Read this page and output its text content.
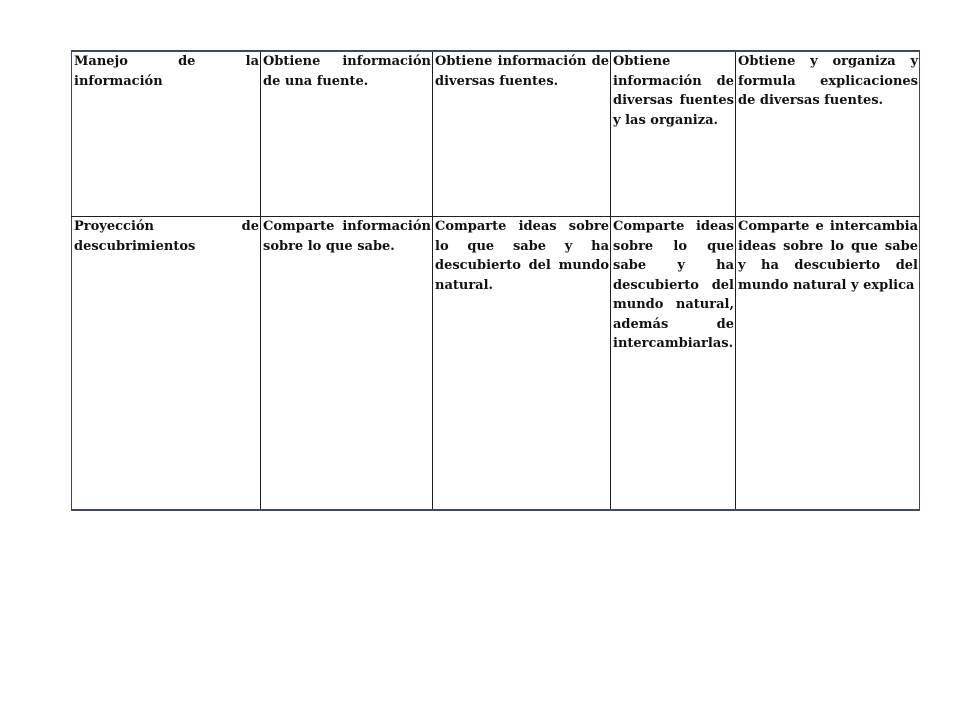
Manejo de la información	Obtiene información de una fuente.	Obtiene información de diversas fuentes.	Obtiene información de diversas fuentes y las organiza.	Obtiene y organiza y formula explicaciones de diversas fuentes.
Proyección de descubrimientos	Comparte información sobre lo que sabe.	Comparte ideas sobre lo que sabe y ha descubierto del mundo natural.	Comparte ideas sobre lo que sabe y ha descubierto del mundo natural, además de intercambiarlas.	Comparte e intercambia ideas sobre lo que sabe y ha descubierto del mundo natural y explica
